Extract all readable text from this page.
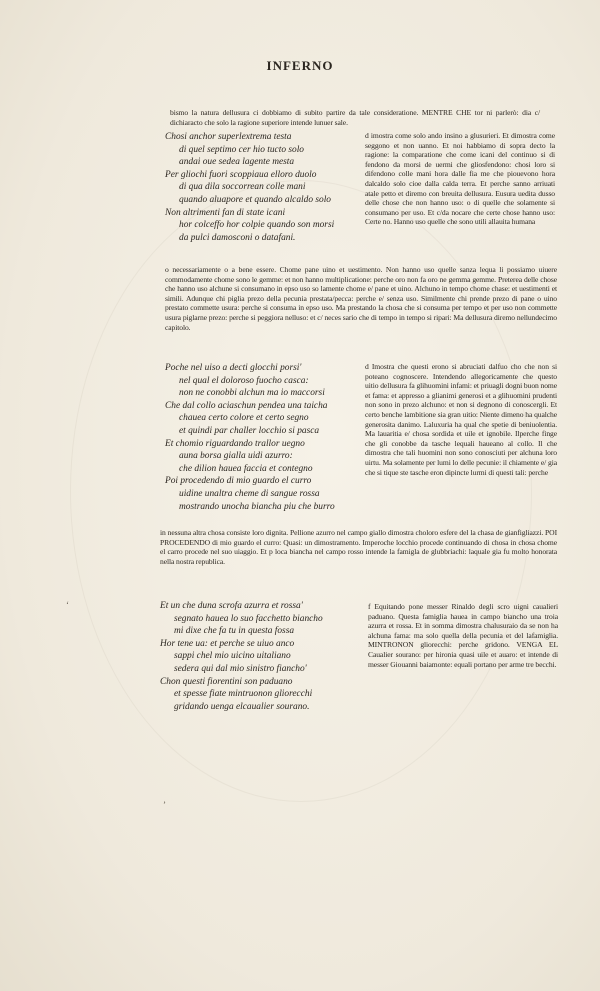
INFERNO

bismo la natura dellusura ci dobbiamo di subito partire da tale consideratione. MENTRE CHE tor ni parlerò: dia c/ dichiaracto che solo la ragione superiore intende lunuer sale.

Chosi anchor superlextrema testa
di quel septimo cer hio tucto solo
andai oue sedea lagente mesta
Per gliochi fuori scoppiaua elloro duolo
di qua dila soccorrean colle mani
quando aluapore et quando alcaldo solo
Non altrimenti fan di state icani
hor colceffo hor colpie quando son morsi
da pulci damosconi o datafani.
d imostra come solo ando insino a glusurieri. Et dimostra come seggono et non uanno. Et noi habbiamo di sopra decto la ragione: la comparatione che come icani del continuo si di fendono da morsi de uermi che gliosfendono: chosi loro si difendono colle mani hora dalle fia me che piouevono hora dalcaldo solo cioe dalla calda terra. Et perche sanno arriuati atale petto et diremo con breuita dellusura. Eusura uedita dusso delle chose che non hanno uso: o di quelle che solamente si consumano per uso. Et c/da nocare che certe chose hanno uso: Certe no. Hanno uso quelle che sono utili allauita humana

o necessariamente o a bene essere. Chome pane uino et uestimento. Non hanno uso quelle sanza lequa li possiamo uiuere commodamente chome sono le gemme: et non hanno multiplicatione: perche oro non fa oro ne gemma gemme. Preterea delle chose che hanno uso alchune si consumano in epso uso so lamente chome e/ pane et uino. Alchuno in tempo chome chase: et uestimenti et simili. Adunque chi piglia prezo della pecunia prestata/pecca: perche e/ senza uso. Similmente chi prende prezo di pane o uino prestato commette usura: perche si consuma in epso uso. Ma prestando la chosa che si consuma per tempo et per uso non commette usura piglarne prezo: perche si peggiora nelluso: et c/ neces sario che di tempo in tempo si ripari: Ma dellusura diremo nellundecimo capitolo.

Poche nel uiso a decti glocchi porsi'
nel qual el doloroso fuocho casca:
non ne conobbi alchun ma io maccorsi
Che dal collo aciaschun pendea una taicha
chauea certo colore et certo segno
et quindi par challer locchio si pasca
Et chomio riguardando trallor uegno
auna borsa gialla uidi azurro:
che dilion hauea faccia et contegno
Poi procedendo di mio guardo el curro
uidine unaltra cheme di sangue rossa
mostrando unocha biancha piu che burro
d Imostra che questi erono si abruciati dalfuo cho che non si poteano cognoscere. Intendendo allegoricamente che questo uitio dellusura fa glihuomini infami: et priuagli dogni buon nome et fama: et appresso a glianimi generosi et a glihuomini prudenti non sono in prezo alchuno: et non si degnono di conoscergli. Et certo benche lambitione sia gran uitio: Niente dimeno ha qualche generosita danimo. Laluxuria ha qual che spetie di beniuolentia. Ma lauaritia e/ chosa sordida et uile et ignobile. Ilperche finge che gli conobbe da tasche lequali haueano al collo. Il che dimostra che tali huomini non sono conosciuti per alchuna loro uirtu. Ma solamente per lumi lo delle pecunie: il chiamente e/ gia che si tique ste tasche eron dipincte lurmi di questi tali: perche

in nessuna altra chosa consiste loro dignita. Pellione azurro nel campo giallo dimostra choloro esfere del la chasa de gianfigliazzi. POI PROCEDENDO di mio guardo el curro: Quasi: un dimostramento. Imperoche locchio procede continuando di chosa in chosa chome el carro procede nel suo uiaggio. Et p loca biancha nel campo rosso intende la famigla de glubbriachi: laquale gia fu molto honorata nella nostra republica.

Et un che duna scrofa azurra et rossa'
segnato hauea lo suo facchetto biancho
mi dixe che fa tu in questa fossa
Hor tene ua: et perche se uiuo anco
sappi chel mio uicino uitaliano
sedera qui dal mio sinistro fiancho'
Chon questi fiorentini son paduano
et spesse fiate mintruonon gliorecchi
gridando uenga elcaualier sourano.
f Equitando pone messer Rinaldo degli scro uigni caualieri paduano. Questa famiglia hauea in campo biancho una troia azurra et rossa. Et in somma dimostra chalusuraio da se non ha alchuna fama: ma solo quella della pecunia et del lafamiglia. MINTRONON gliorecchi: perche gridono. VENGA EL Caualier sourano: per hironia quasi uile et auaro: et intende di messer Giouanni baiamonte: equali portano per arme tre becchi.
’
‘
